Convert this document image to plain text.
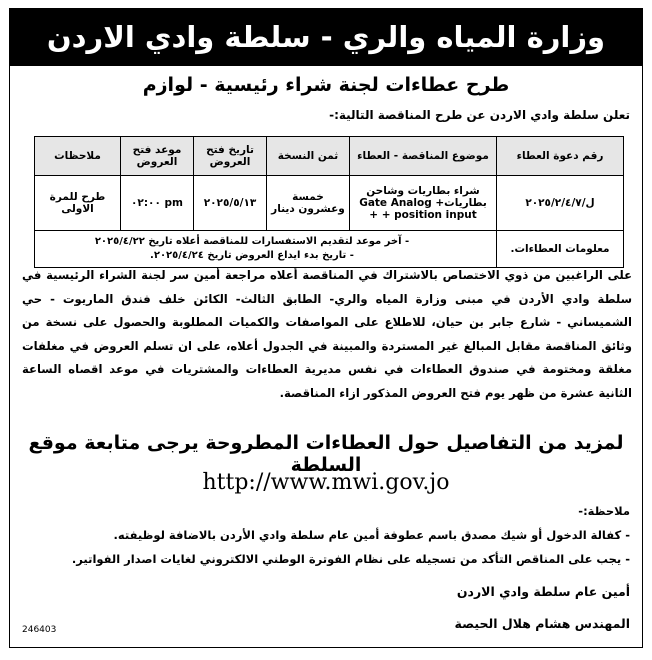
وزارة المياه والري - سلطة وادي الاردن
طرح عطاءات لجنة شراء رئيسية - لوازم
تعلن سلطة وادي الاردن عن طرح المناقصة التالية:-
رقم دعوة العطاء	موضوع المناقصة - العطاء	ثمن النسخة	تاريخ فتح العروض	موعد فتح العروض	ملاحظات
ل/٢٠٢٥/٢/٤/٧	شراء بطاريات وشاحن بطاريات+ Gate Analog + position input +	خمسة وعشرون دينار	٢٠٢٥/٥/١٣	pm ٠٢:٠٠	طرح للمرة الاولى
معلومات العطاءات.	- آخر موعد لتقديم الاستفسارات للمناقصة أعلاه تاريخ ٢٠٢٥/٤/٢٢
- تاريخ بدء ايداع العروض تاريخ ٢٠٢٥/٤/٢٤.				
على الراغبين من ذوي الاختصاص بالاشتراك في المناقصة أعلاه مراجعة أمين سر لجنة الشراء الرئيسية في سلطة وادي الأردن في مبنى وزارة المياه والري- الطابق الثالث- الكائن خلف فندق الماريوت - حي الشميساني - شارع جابر بن حيان، للاطلاع على المواصفات والكميات المطلوبة والحصول على نسخة من وثائق المناقصة مقابل المبالغ غير المستردة والمبينة في الجدول أعلاه، على ان تسلم العروض في مغلفات مغلقة ومختومة في صندوق العطاءات في نفس مديرية العطاءات والمشتريات في موعد اقصاه الساعة الثانية عشرة من ظهر يوم فتح العروض المذكور ازاء المناقصة.
لمزيد من التفاصيل حول العطاءات المطروحة يرجى متابعة موقع السلطة
http://www.mwi.gov.jo
ملاحظة:-
- كفالة الدخول أو شيك مصدق باسم عطوفة أمين عام سلطة وادي الأردن بالاضافة لوظيفته.
- يجب على المناقص التأكد من تسجيله على نظام الفوترة الوطني الالكتروني لغايات اصدار الفواتير.
أمين عام سلطة وادي الاردن
المهندس هشام هلال الحيصة
246403
